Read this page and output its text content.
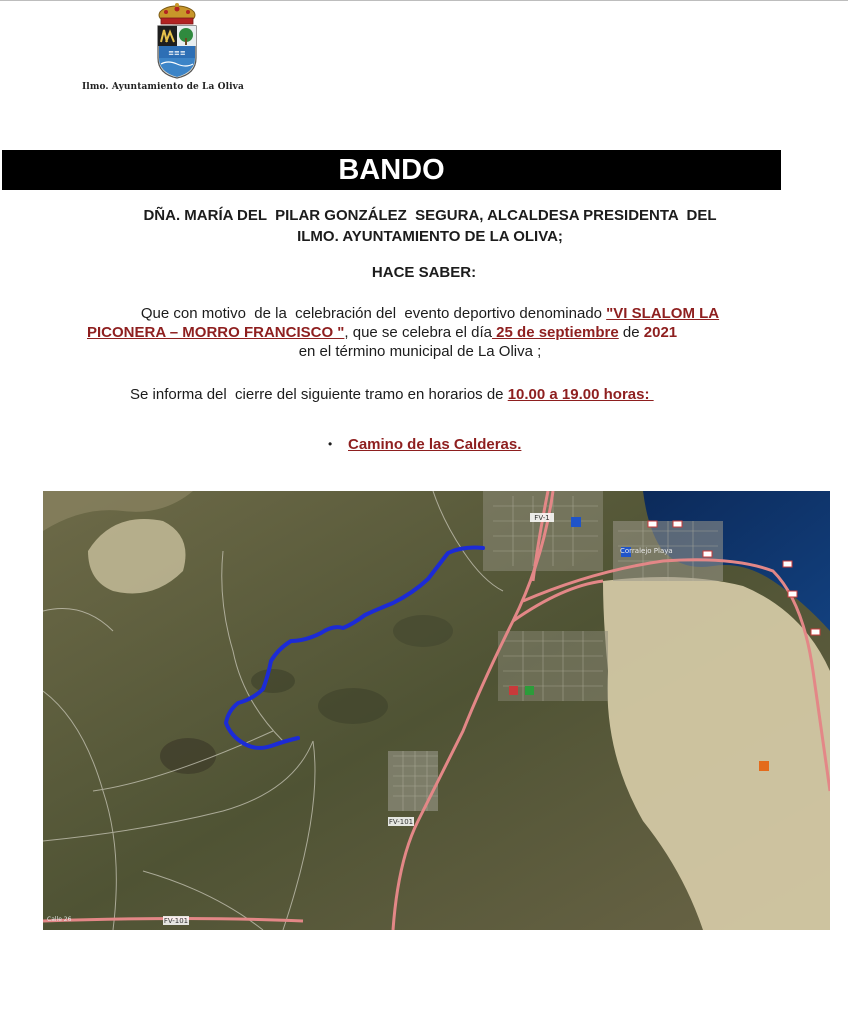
≡≡≡
Ilmo. Ayuntamiento de La Oliva
BANDO
DÑA. MARÍA DEL  PILAR GONZÁLEZ  SEGURA, ALCALDESA PRESIDENTA  DEL
ILMO. AYUNTAMIENTO DE LA OLIVA;
HACE SABER:
Que con motivo  de la  celebración del  evento deportivo denominado "VI SLALOM LA
PICONERA – MORRO FRANCISCO ", que se celebra el día 25 de septiembre de 2021
en el término municipal de La Oliva ;
Se informa del  cierre del siguiente tramo en horarios de 10.00 a 19.00 horas:
• Camino de las Calderas.
FV-1
FV-101
FV-101
Corralejo Playa
Calle 26
